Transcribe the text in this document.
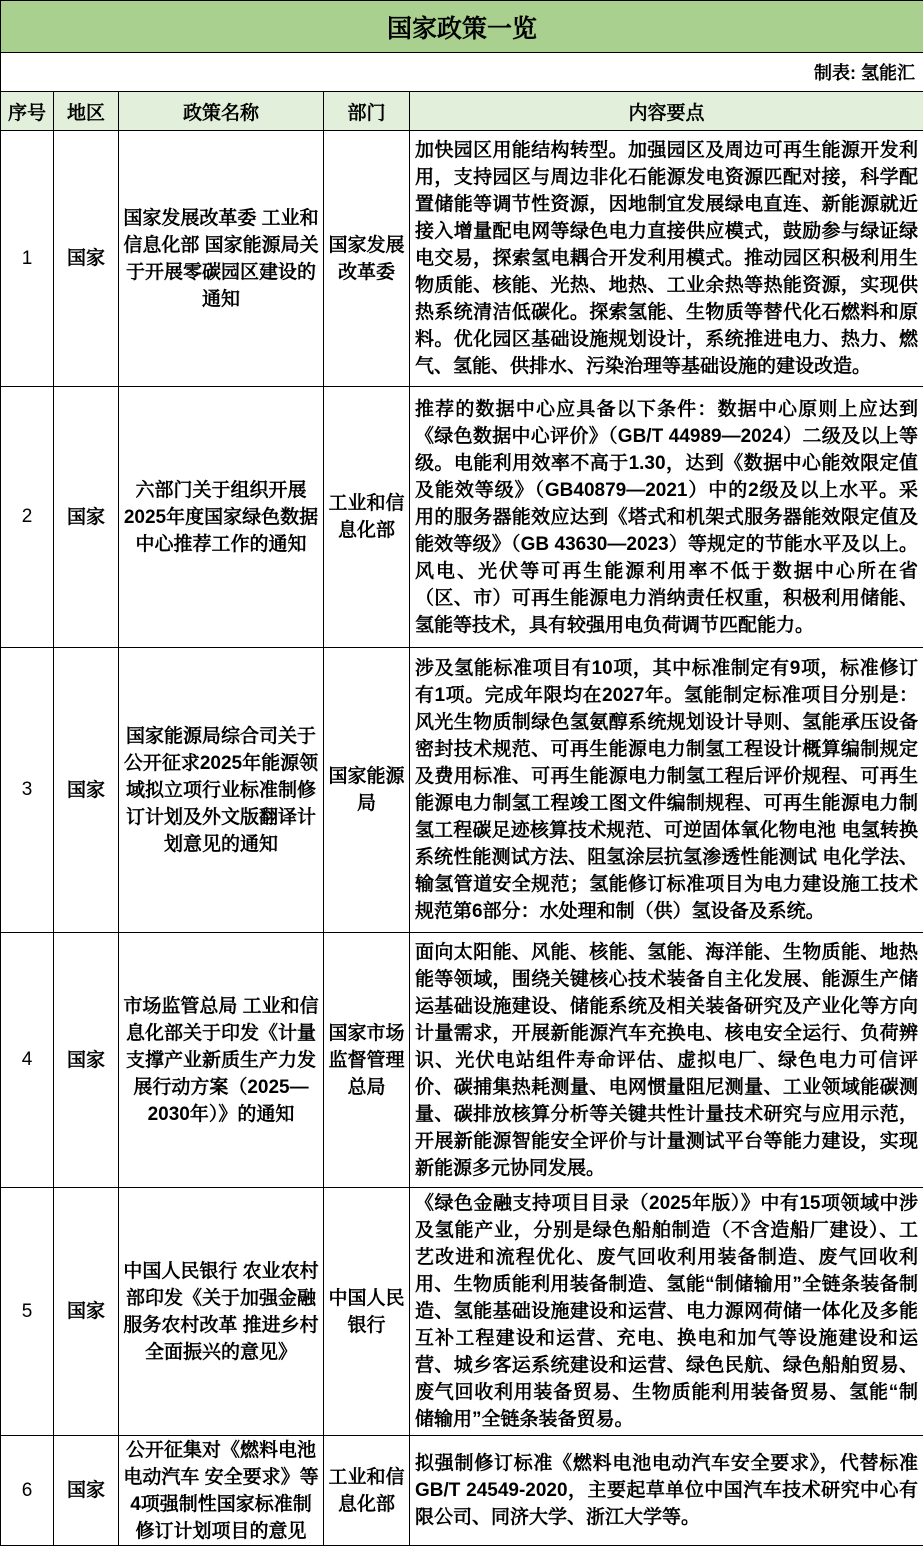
国家政策一览				
制表: 氢能汇				
序号	地区	政策名称	部门	内容要点
1	国家	国家发展改革委 工业和信息化部 国家能源局关于开展零碳园区建设的通知	国家发展改革委	加快园区用能结构转型。加强园区及周边可再生能源开发利用，支持园区与周边非化石能源发电资源匹配对接，科学配置储能等调节性资源，因地制宜发展绿电直连、新能源就近接入增量配电网等绿色电力直接供应模式，鼓励参与绿证绿电交易，探索氢电耦合开发利用模式。推动园区积极利用生物质能、核能、光热、地热、工业余热等热能资源，实现供热系统清洁低碳化。探索氢能、生物质等替代化石燃料和原料。优化园区基础设施规划设计，系统推进电力、热力、燃气、氢能、供排水、污染治理等基础设施的建设改造。
2	国家	六部门关于组织开展2025年度国家绿色数据中心推荐工作的通知	工业和信息化部	推荐的数据中心应具备以下条件：数据中心原则上应达到《绿色数据中心评价》（GB/T 44989—2024）二级及以上等级。电能利用效率不高于1.30，达到《数据中心能效限定值及能效等级》（GB40879—2021）中的2级及以上水平。采用的服务器能效应达到《塔式和机架式服务器能效限定值及能效等级》（GB 43630—2023）等规定的节能水平及以上。风电、光伏等可再生能源利用率不低于数据中心所在省（区、市）可再生能源电力消纳责任权重，积极利用储能、氢能等技术，具有较强用电负荷调节匹配能力。
3	国家	国家能源局综合司关于公开征求2025年能源领域拟立项行业标准制修订计划及外文版翻译计划意见的通知	国家能源局	涉及氢能标准项目有10项，其中标准制定有9项，标准修订有1项。完成年限均在2027年。氢能制定标准项目分别是：风光生物质制绿色氢氨醇系统规划设计导则、氢能承压设备密封技术规范、可再生能源电力制氢工程设计概算编制规定及费用标准、可再生能源电力制氢工程后评价规程、可再生能源电力制氢工程竣工图文件编制规程、可再生能源电力制氢工程碳足迹核算技术规范、可逆固体氧化物电池 电氢转换系统性能测试方法、阻氢涂层抗氢渗透性能测试 电化学法、输氢管道安全规范；氢能修订标准项目为电力建设施工技术规范第6部分：水处理和制（供）氢设备及系统。
4	国家	市场监管总局 工业和信息化部关于印发《计量支撑产业新质生产力发展行动方案（2025—2030年）》的通知	国家市场监督管理总局	面向太阳能、风能、核能、氢能、海洋能、生物质能、地热能等领域，围绕关键核心技术装备自主化发展、能源生产储运基础设施建设、储能系统及相关装备研究及产业化等方向计量需求，开展新能源汽车充换电、核电安全运行、负荷辨识、光伏电站组件寿命评估、虚拟电厂、绿色电力可信评价、碳捕集热耗测量、电网惯量阻尼测量、工业领域能碳测量、碳排放核算分析等关键共性计量技术研究与应用示范，开展新能源智能安全评价与计量测试平台等能力建设，实现新能源多元协同发展。
5	国家	中国人民银行 农业农村部印发《关于加强金融服务农村改革 推进乡村全面振兴的意见》	中国人民银行	《绿色金融支持项目目录（2025年版）》中有15项领域中涉及氢能产业，分别是绿色船舶制造（不含造船厂建设）、工艺改进和流程优化、废气回收利用装备制造、废气回收利用、生物质能利用装备制造、氢能“制储输用”全链条装备制造、氢能基础设施建设和运营、电力源网荷储一体化及多能互补工程建设和运营、充电、换电和加气等设施建设和运营、城乡客运系统建设和运营、绿色民航、绿色船舶贸易、废气回收利用装备贸易、生物质能利用装备贸易、氢能“制储输用”全链条装备贸易。
6	国家	公开征集对《燃料电池电动汽车 安全要求》等4项强制性国家标准制修订计划项目的意见	工业和信息化部	拟强制修订标准《燃料电池电动汽车安全要求》，代替标准GB/T 24549-2020，主要起草单位中国汽车技术研究中心有限公司、同济大学、浙江大学等。
